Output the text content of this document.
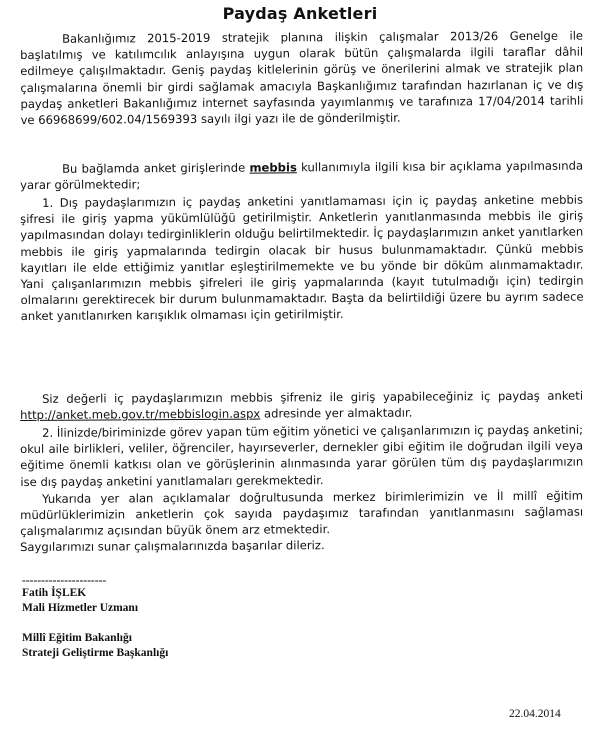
Paydaş Anketleri
Bakanlığımız 2015-2019 stratejik planına ilişkin çalışmalar 2013/26 Genelge ile başlatılmış ve katılımcılık anlayışına uygun olarak bütün çalışmalarda ilgili taraflar dâhil edilmeye çalışılmaktadır. Geniş paydaş kitlelerinin görüş ve önerilerini almak ve stratejik plan çalışmalarına önemli bir girdi sağlamak amacıyla Başkanlığımız tarafından hazırlanan iç ve dış paydaş anketleri Bakanlığımız internet sayfasında yayımlanmış ve tarafınıza 17/04/2014 tarihli ve 66968699/602.04/1569393 sayılı ilgi yazı ile de gönderilmiştir.
Bu bağlamda anket girişlerinde mebbis kullanımıyla ilgili kısa bir açıklama yapılmasında yarar görülmektedir;
1. Dış paydaşlarımızın iç paydaş anketini yanıtlamaması için iç paydaş anketine mebbis şifresi ile giriş yapma yükümlülüğü getirilmiştir. Anketlerin yanıtlanmasında mebbis ile giriş yapılmasından dolayı tedirginliklerin olduğu belirtilmektedir. İç paydaşlarımızın anket yanıtlarken mebbis ile giriş yapmalarında tedirgin olacak bir husus bulunmamaktadır. Çünkü mebbis kayıtları ile elde ettiğimiz yanıtlar eşleştirilmemekte ve bu yönde bir döküm alınmamaktadır. Yani çalışanlarımızın mebbis şifreleri ile giriş yapmalarında (kayıt tutulmadığı için) tedirgin olmalarını gerektirecek bir durum bulunmamaktadır. Başta da belirtildiği üzere bu ayrım sadece anket yanıtlanırken karışıklık olmaması için getirilmiştir.
Siz değerli iç paydaşlarımızın mebbis şifreniz ile giriş yapabileceğiniz iç paydaş anketi http://anket.meb.gov.tr/mebbislogin.aspx adresinde yer almaktadır.
2. İlinizde/biriminizde görev yapan tüm eğitim yönetici ve çalışanlarımızın iç paydaş anketini; okul aile birlikleri, veliler, öğrenciler, hayırseverler, dernekler gibi eğitim ile doğrudan ilgili veya eğitime önemli katkısı olan ve görüşlerinin alınmasında yarar görülen tüm dış paydaşlarımızın ise dış paydaş anketini yanıtlamaları gerekmektedir.
Yukarıda yer alan açıklamalar doğrultusunda merkez birimlerimizin ve İl millî eğitim müdürlüklerimizin anketlerin çok sayıda paydaşımız tarafından yanıtlanmasını sağlaması çalışmalarımız açısından büyük önem arz etmektedir.
Saygılarımızı sunar çalışmalarınızda başarılar dileriz.
----------------------
Fatih İŞLEK
Mali Hizmetler Uzmanı
Millî Eğitim Bakanlığı
Strateji Geliştirme Başkanlığı
22.04.2014
